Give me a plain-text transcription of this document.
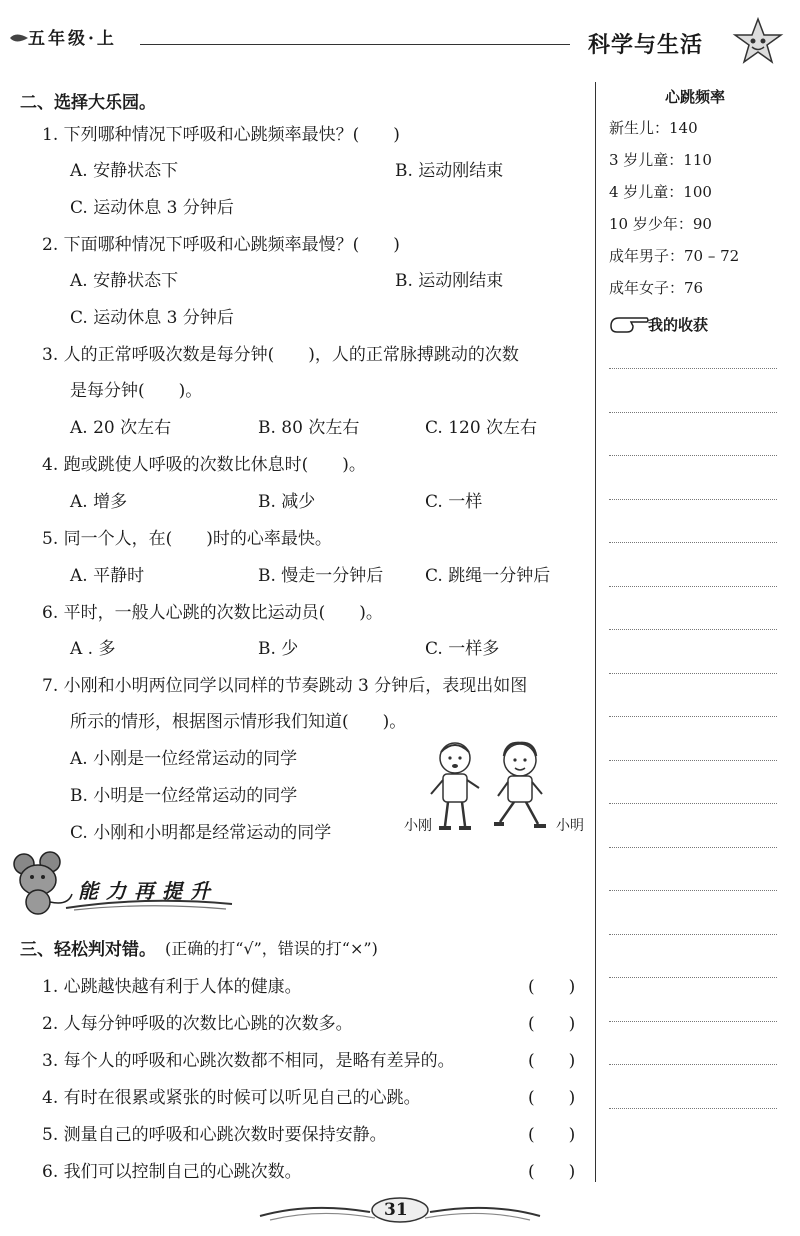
五年级·上	科学与生活
二、选择大乐园。
1. 下列哪种情况下呼吸和心跳频率最快？(　　)
A. 安静状态下	B. 运动刚结束
C. 运动休息 3 分钟后
2. 下面哪种情况下呼吸和心跳频率最慢？(　　)
A. 安静状态下	B. 运动刚结束
C. 运动休息 3 分钟后
3. 人的正常呼吸次数是每分钟(　　)，人的正常脉搏跳动的次数
是每分钟(　　)。
A. 20 次左右	B. 80 次左右	C. 120 次左右
4. 跑或跳使人呼吸的次数比休息时(　　)。
A. 增多	B. 减少	C. 一样
5. 同一个人，在(　　)时的心率最快。
A. 平静时	B. 慢走一分钟后 C. 跳绳一分钟后
6. 平时，一般人心跳的次数比运动员(　　)。
A . 多	B. 少	C. 一样多
7. 小刚和小明两位同学以同样的节奏跳动 3 分钟后，表现出如图
所示的情形，根据图示情形我们知道(　　)。
A. 小刚是一位经常运动的同学
B. 小明是一位经常运动的同学
C. 小刚和小明都是经常运动的同学	小刚	小明
能力再提升
三、轻松判对错。 (正确的打“√”，错误的打“×”)
1. 心跳越快越有利于人体的健康。	(　　)
2. 人每分钟呼吸的次数比心跳的次数多。	(　　)
3. 每个人的呼吸和心跳次数都不相同，是略有差异的。	(　　)
4. 有时在很累或紧张的时候可以听见自己的心跳。	(　　)
5. 测量自己的呼吸和心跳次数时要保持安静。	(　　)
6. 我们可以控制自己的心跳次数。	(　　)
心跳频率
新生儿：140
3 岁儿童：110
4 岁儿童：100
10 岁少年：90
成年男子：70 – 72
成年女子：76
我的收获
31
